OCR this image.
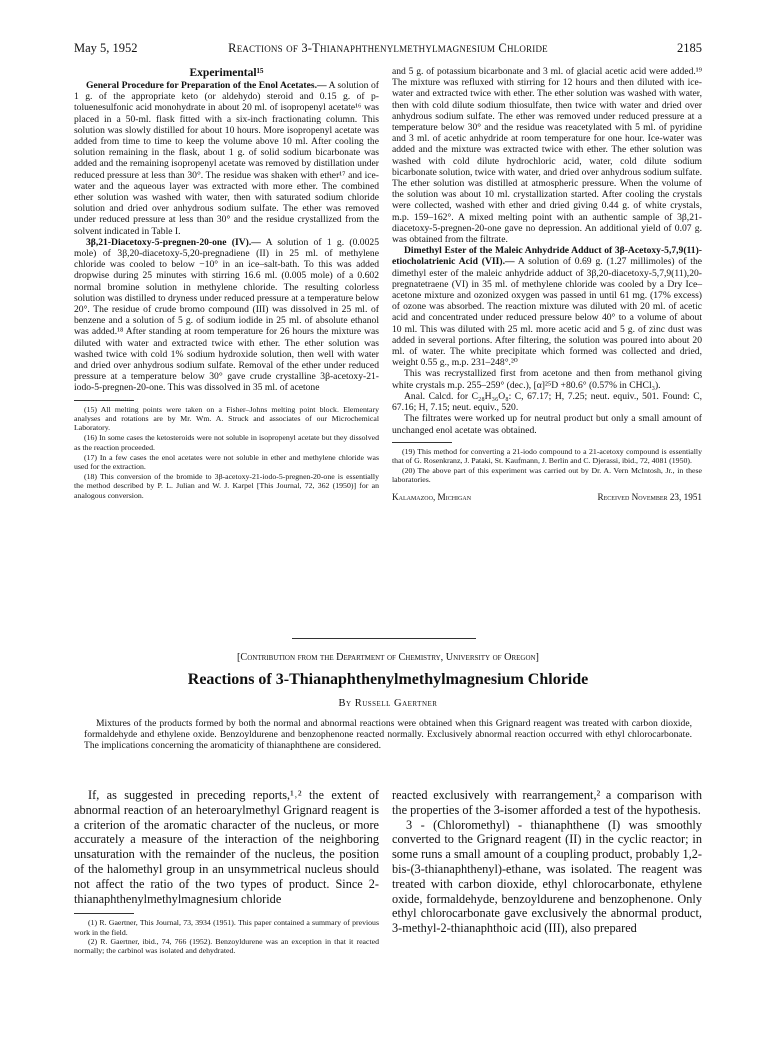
May 5, 1952	Reactions of 3-Thianaphthenylmethylmagnesium Chloride	2185

Experimental¹⁵

General Procedure for Preparation of the Enol Acetates.— A solution of 1 g. of the appropriate keto (or aldehydo) steroid and 0.15 g. of p-toluenesulfonic acid monohydrate in about 20 ml. of isopropenyl acetate¹⁶ was placed in a 50-ml. flask fitted with a six-inch fractionating column. This solution was slowly distilled for about 10 hours. More isopropenyl acetate was added from time to time to keep the volume above 10 ml. After cooling the solution remaining in the flask, about 1 g. of solid sodium bicarbonate was added and the remaining isopropenyl acetate was removed by distillation under reduced pressure at less than 30°. The residue was shaken with ether¹⁷ and ice-water and the aqueous layer was extracted with more ether. The combined ether solution was washed with water, then with saturated sodium chloride solution and dried over anhydrous sodium sulfate. The ether was removed under reduced pressure at less than 30° and the residue crystallized from the solvent indicated in Table I.

3β,21-Diacetoxy-5-pregnen-20-one (IV).— A solution of 1 g. (0.0025 mole) of 3β,20-diacetoxy-5,20-pregnadiene (II) in 25 ml. of methylene chloride was cooled to below −10° in an ice–salt-bath. To this was added dropwise during 25 minutes with stirring 16.6 ml. (0.005 mole) of a 0.602 normal bromine solution in methylene chloride. The resulting colorless solution was distilled to dryness under reduced pressure at a temperature below 20°. The residue of crude bromo compound (III) was dissolved in 25 ml. of benzene and a solution of 5 g. of sodium iodide in 25 ml. of absolute ethanol was added.¹⁸ After standing at room temperature for 26 hours the mixture was diluted with water and extracted twice with ether. The ether solution was washed twice with cold 1% sodium hydroxide solution, then well with water and dried over anhydrous sodium sulfate. Removal of the ether under reduced pressure at a temperature below 30° gave crude crystalline 3β-acetoxy-21-iodo-5-pregnen-20-one. This was dissolved in 35 ml. of acetone

(15) All melting points were taken on a Fisher–Johns melting point block. Elementary analyses and rotations are by Mr. Wm. A. Struck and associates of our Microchemical Laboratory.

(16) In some cases the ketosteroids were not soluble in isopropenyl acetate but they dissolved as the reaction proceeded.

(17) In a few cases the enol acetates were not soluble in ether and methylene chloride was used for the extraction.

(18) This conversion of the bromide to 3β-acetoxy-21-iodo-5-pregnen-20-one is essentially the method described by P. L. Julian and W. J. Karpel [This Journal, 72, 362 (1950)] for an analogous conversion.

and 5 g. of potassium bicarbonate and 3 ml. of glacial acetic acid were added.¹⁹ The mixture was refluxed with stirring for 12 hours and then diluted with ice-water and extracted twice with ether. The ether solution was washed with water, then with cold dilute sodium thiosulfate, then twice with water and dried over anhydrous sodium sulfate. The ether was removed under reduced pressure at a temperature below 30° and the residue was reacetylated with 5 ml. of pyridine and 3 ml. of acetic anhydride at room temperature for one hour. Ice-water was added and the mixture was extracted twice with ether. The ether solution was washed with cold dilute hydrochloric acid, water, cold dilute sodium bicarbonate solution, twice with water, and dried over anhydrous sodium sulfate. The ether solution was distilled at atmospheric pressure. When the volume of the solution was about 10 ml. crystallization started. After cooling the crystals were collected, washed with ether and dried giving 0.44 g. of white crystals, m.p. 159–162°. A mixed melting point with an authentic sample of 3β,21-diacetoxy-5-pregnen-20-one gave no depression. An additional yield of 0.07 g. was obtained from the filtrate.

Dimethyl Ester of the Maleic Anhydride Adduct of 3β-Acetoxy-5,7,9(11)-etiocholatrienic Acid (VII).— A solution of 0.69 g. (1.27 millimoles) of the dimethyl ester of the maleic anhydride adduct of 3β,20-diacetoxy-5,7,9(11),20-pregnatetraene (VI) in 35 ml. of methylene chloride was cooled by a Dry Ice–acetone mixture and ozonized oxygen was passed in until 61 mg. (17% excess) of ozone was absorbed. The reaction mixture was diluted with 20 ml. of acetic acid and concentrated under reduced pressure below 40° to a volume of about 10 ml. This was diluted with 25 ml. more acetic acid and 5 g. of zinc dust was added in several portions. After filtering, the solution was poured into about 20 ml. of water. The white precipitate which formed was collected and dried, weight 0.55 g., m.p. 231–248°.²⁰

This was recrystallized first from acetone and then from methanol giving white crystals m.p. 255–259° (dec.), [α]²⁵D +80.6° (0.57% in CHCl₃).

Anal. Calcd. for C₂₈H₃₆O₈: C, 67.17; H, 7.25; neut. equiv., 501. Found: C, 67.16; H, 7.15; neut. equiv., 520.

The filtrates were worked up for neutral product but only a small amount of unchanged enol acetate was obtained.

(19) This method for converting a 21-iodo compound to a 21-acetoxy compound is essentially that of G. Rosenkranz, J. Pataki, St. Kaufmann, J. Berlin and C. Djerassi, ibid., 72, 4081 (1950).

(20) The above part of this experiment was carried out by Dr. A. Vern McIntosh, Jr., in these laboratories.

Kalamazoo, Michigan	Received November 23, 1951
[Contribution from the Department of Chemistry, University of Oregon]
Reactions of 3-Thianaphthenylmethylmagnesium Chloride
By Russell Gaertner

Mixtures of the products formed by both the normal and abnormal reactions were obtained when this Grignard reagent was treated with carbon dioxide, formaldehyde and ethylene oxide. Benzoyldurene and benzophenone reacted normally. Exclusively abnormal reaction occurred with ethyl chlorocarbonate. The implications concerning the aromaticity of thianaphthene are considered.

If, as suggested in preceding reports,¹˒² the extent of abnormal reaction of an heteroarylmethyl Grignard reagent is a criterion of the aromatic character of the nucleus, or more accurately a measure of the interaction of the neighboring unsaturation with the remainder of the nucleus, the position of the halomethyl group in an unsymmetrical nucleus should not affect the ratio of the two types of product. Since 2-thianaphthenylmethylmagnesium chloride

(1) R. Gaertner, This Journal, 73, 3934 (1951). This paper contained a summary of previous work in the field.

(2) R. Gaertner, ibid., 74, 766 (1952). Benzoyldurene was an exception in that it reacted normally; the carbinol was isolated and dehydrated.

reacted exclusively with rearrangement,² a comparison with the properties of the 3-isomer afforded a test of the hypothesis.

3 - (Chloromethyl) - thianaphthene (I) was smoothly converted to the Grignard reagent (II) in the cyclic reactor; in some runs a small amount of a coupling product, probably 1,2-bis-(3-thianaphthenyl)-ethane, was isolated. The reagent was treated with carbon dioxide, ethyl chlorocarbonate, ethylene oxide, formaldehyde, benzoyldurene and benzophenone. Only ethyl chlorocarbonate gave exclusively the abnormal product, 3-methyl-2-thianaphthoic acid (III), also prepared
